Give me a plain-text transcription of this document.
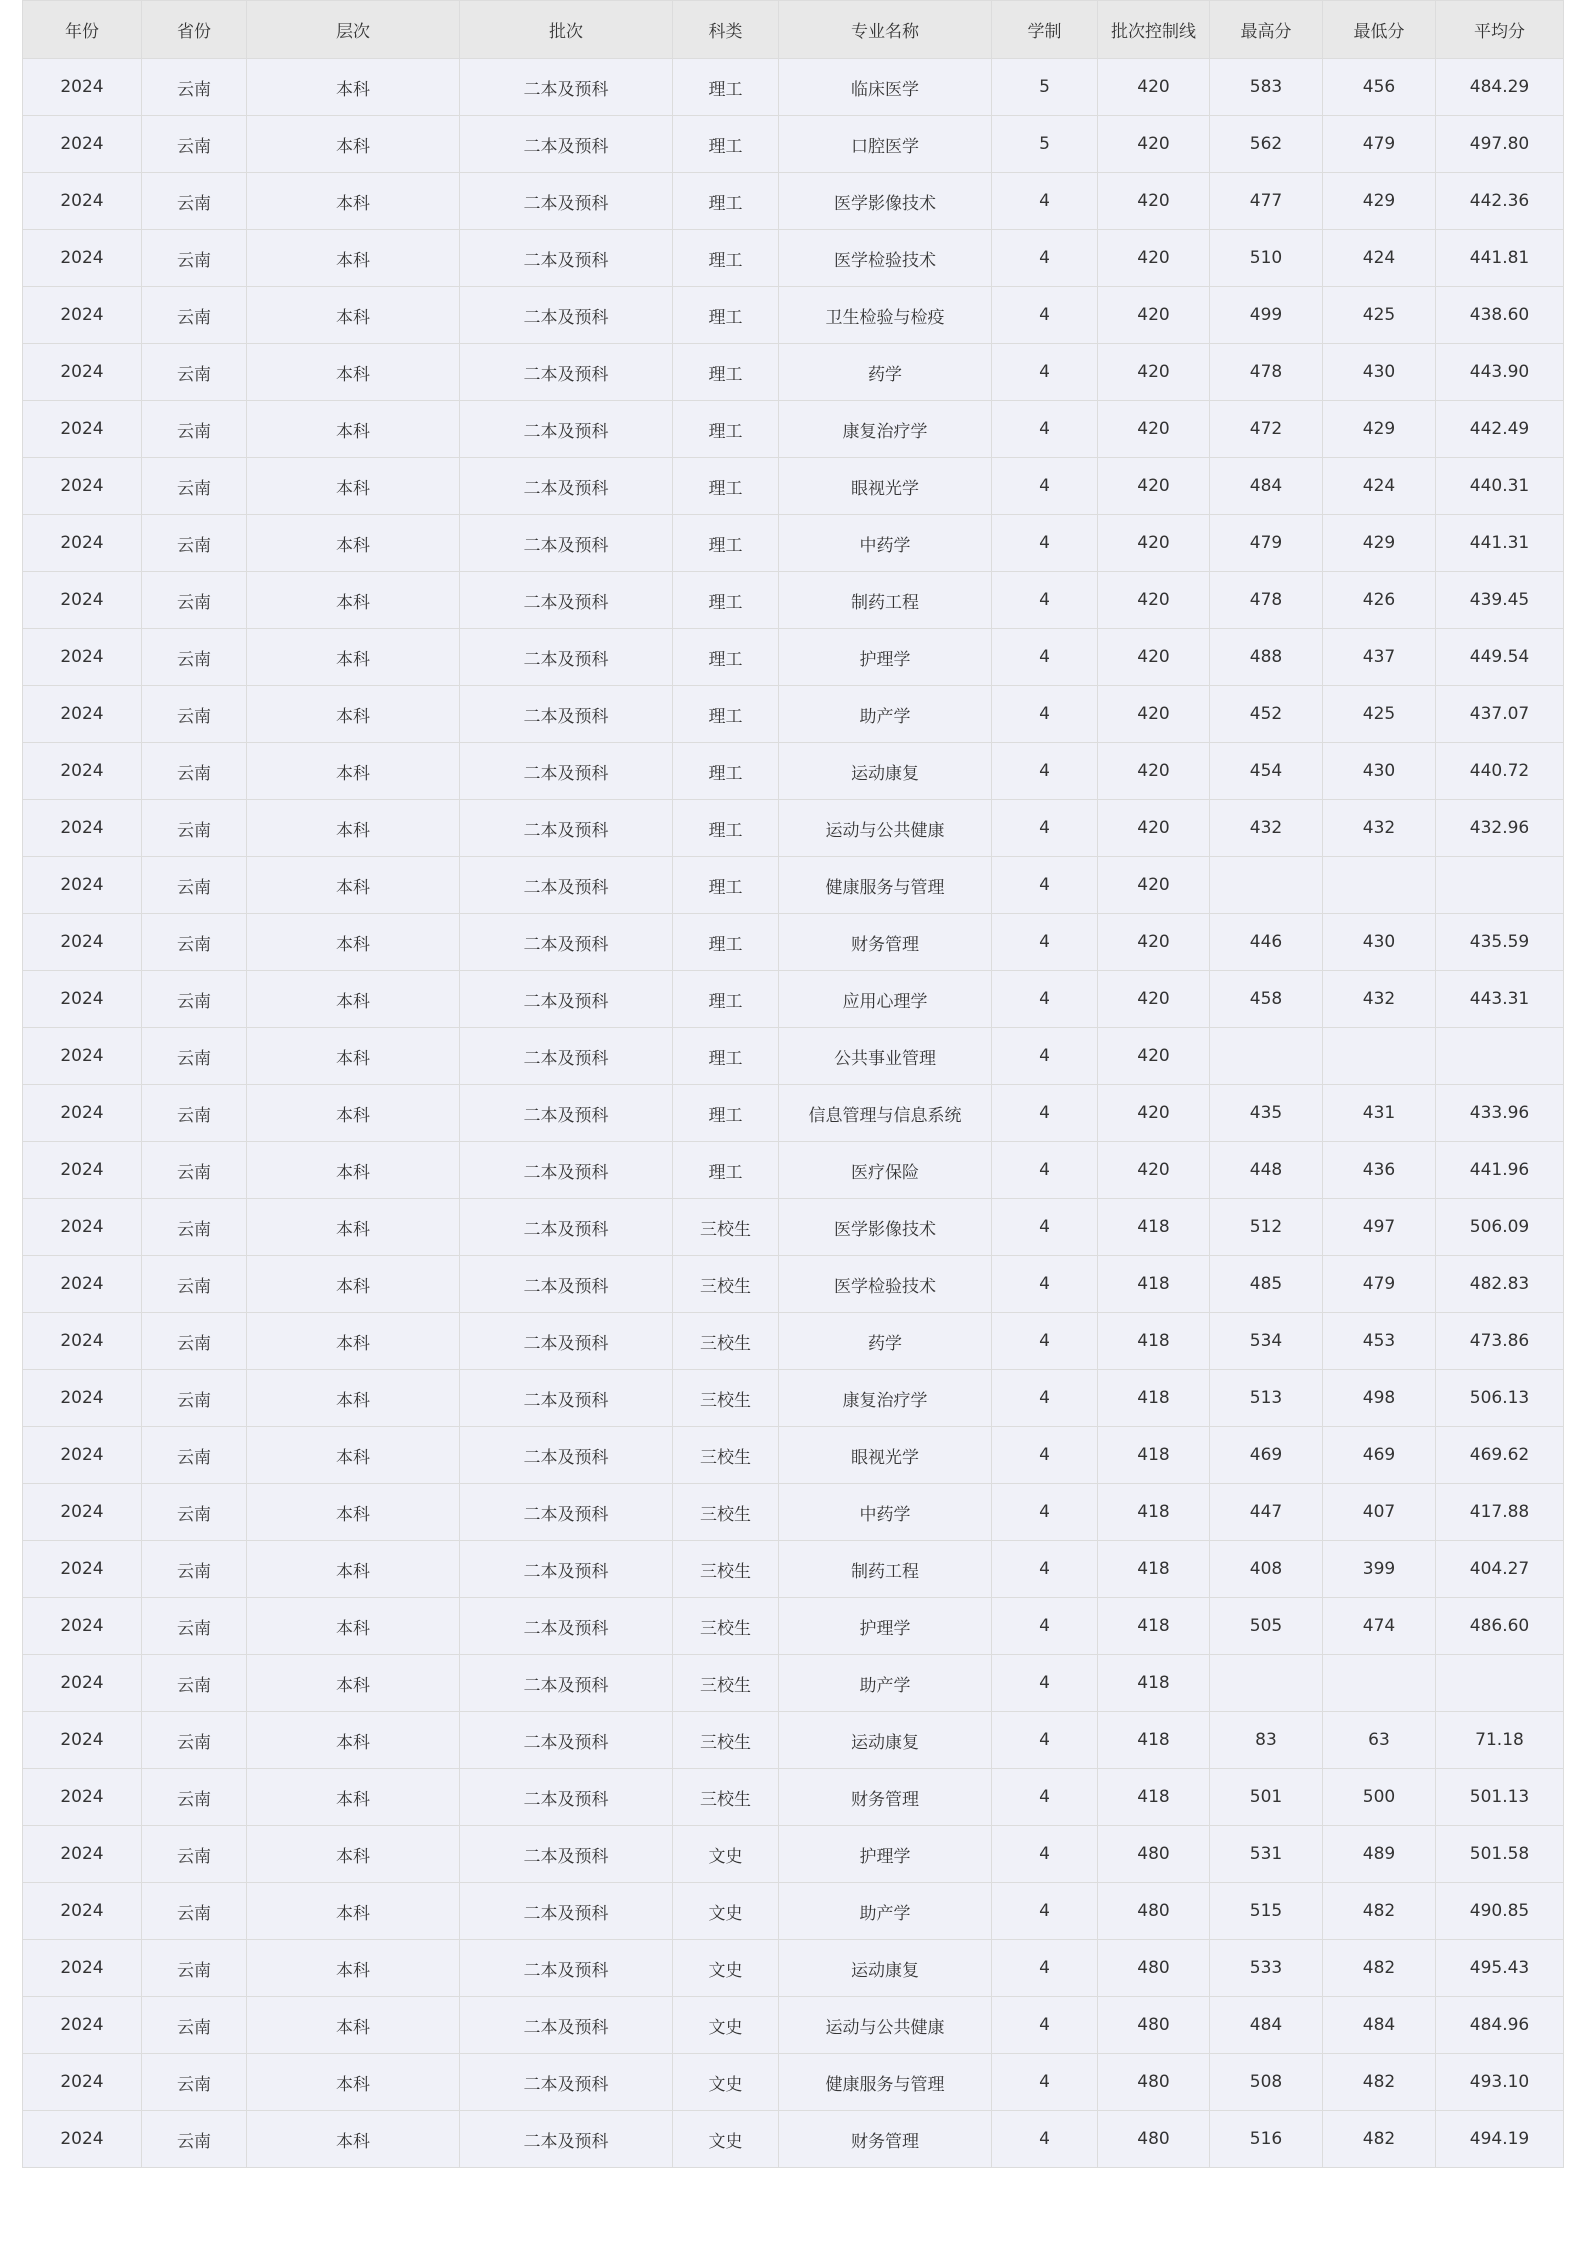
年份	省份	层次	批次	科类	专业名称	学制	批次控制线	最高分	最低分	平均分
2024	云南	本科	二本及预科	理工	临床医学	5	420	583	456	484.29
2024	云南	本科	二本及预科	理工	口腔医学	5	420	562	479	497.80
2024	云南	本科	二本及预科	理工	医学影像技术	4	420	477	429	442.36
2024	云南	本科	二本及预科	理工	医学检验技术	4	420	510	424	441.81
2024	云南	本科	二本及预科	理工	卫生检验与检疫	4	420	499	425	438.60
2024	云南	本科	二本及预科	理工	药学	4	420	478	430	443.90
2024	云南	本科	二本及预科	理工	康复治疗学	4	420	472	429	442.49
2024	云南	本科	二本及预科	理工	眼视光学	4	420	484	424	440.31
2024	云南	本科	二本及预科	理工	中药学	4	420	479	429	441.31
2024	云南	本科	二本及预科	理工	制药工程	4	420	478	426	439.45
2024	云南	本科	二本及预科	理工	护理学	4	420	488	437	449.54
2024	云南	本科	二本及预科	理工	助产学	4	420	452	425	437.07
2024	云南	本科	二本及预科	理工	运动康复	4	420	454	430	440.72
2024	云南	本科	二本及预科	理工	运动与公共健康	4	420	432	432	432.96
2024	云南	本科	二本及预科	理工	健康服务与管理	4	420			
2024	云南	本科	二本及预科	理工	财务管理	4	420	446	430	435.59
2024	云南	本科	二本及预科	理工	应用心理学	4	420	458	432	443.31
2024	云南	本科	二本及预科	理工	公共事业管理	4	420			
2024	云南	本科	二本及预科	理工	信息管理与信息系统	4	420	435	431	433.96
2024	云南	本科	二本及预科	理工	医疗保险	4	420	448	436	441.96
2024	云南	本科	二本及预科	三校生	医学影像技术	4	418	512	497	506.09
2024	云南	本科	二本及预科	三校生	医学检验技术	4	418	485	479	482.83
2024	云南	本科	二本及预科	三校生	药学	4	418	534	453	473.86
2024	云南	本科	二本及预科	三校生	康复治疗学	4	418	513	498	506.13
2024	云南	本科	二本及预科	三校生	眼视光学	4	418	469	469	469.62
2024	云南	本科	二本及预科	三校生	中药学	4	418	447	407	417.88
2024	云南	本科	二本及预科	三校生	制药工程	4	418	408	399	404.27
2024	云南	本科	二本及预科	三校生	护理学	4	418	505	474	486.60
2024	云南	本科	二本及预科	三校生	助产学	4	418			
2024	云南	本科	二本及预科	三校生	运动康复	4	418	83	63	71.18
2024	云南	本科	二本及预科	三校生	财务管理	4	418	501	500	501.13
2024	云南	本科	二本及预科	文史	护理学	4	480	531	489	501.58
2024	云南	本科	二本及预科	文史	助产学	4	480	515	482	490.85
2024	云南	本科	二本及预科	文史	运动康复	4	480	533	482	495.43
2024	云南	本科	二本及预科	文史	运动与公共健康	4	480	484	484	484.96
2024	云南	本科	二本及预科	文史	健康服务与管理	4	480	508	482	493.10
2024	云南	本科	二本及预科	文史	财务管理	4	480	516	482	494.19
